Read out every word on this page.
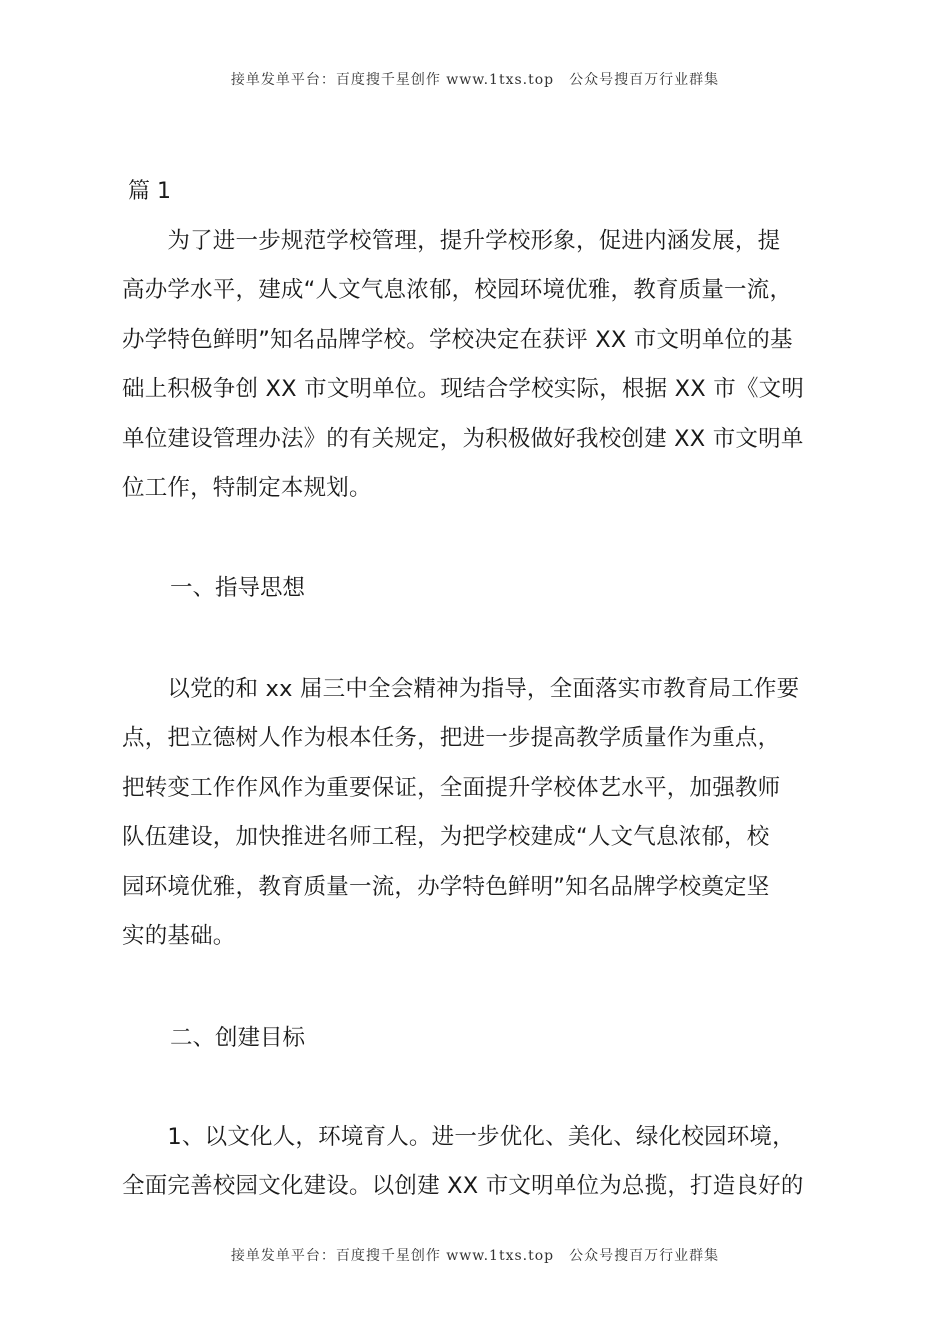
接单发单平台：百度搜千星创作 www.1txs.top　公众号搜百万行业群集
篇 1
　　为了进一步规范学校管理，提升学校形象，促进内涵发展，提
高办学水平，建成“人文气息浓郁，校园环境优雅，教育质量一流，
办学特色鲜明”知名品牌学校。学校决定在获评 XX 市文明单位的基
础上积极争创 XX 市文明单位。现结合学校实际，根据 XX 市《文明
单位建设管理办法》的有关规定，为积极做好我校创建 XX 市文明单
位工作，特制定本规划。
一、指导思想
　　以党的和 xx 届三中全会精神为指导，全面落实市教育局工作要
点，把立德树人作为根本任务，把进一步提高教学质量作为重点，
把转变工作作风作为重要保证，全面提升学校体艺水平，加强教师
队伍建设，加快推进名师工程，为把学校建成“人文气息浓郁，校
园环境优雅，教育质量一流，办学特色鲜明”知名品牌学校奠定坚
实的基础。
二、创建目标
　　1、以文化人，环境育人。进一步优化、美化、绿化校园环境，
全面完善校园文化建设。以创建 XX 市文明单位为总揽，打造良好的
接单发单平台：百度搜千星创作 www.1txs.top　公众号搜百万行业群集
